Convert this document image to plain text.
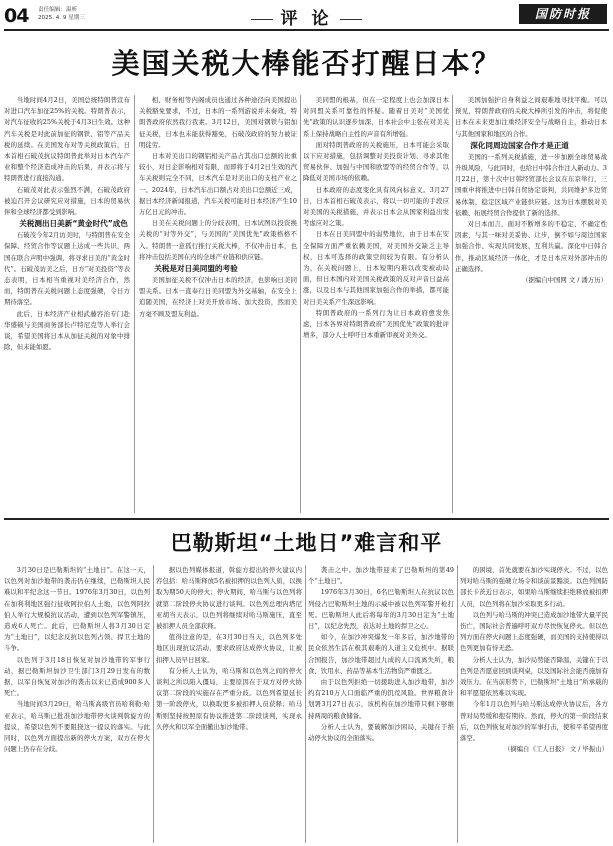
04 责任编辑：温析
2025. 4. 9 星期三	评 论	国防时报
美国关税大棒能否打醒日本？

当地时间4月2日，美国总统特朗普宣布对进口汽车加征25%的关税。特朗普表示，对汽车征收的25%关税于4月3日生效。这种汽车关税是对此前加征的钢铁、铝等产品关税的延续。在美国发布对等关税政策后，日本首相石破茂抗议特朗普此举对日本汽车产业和整个经济造成冲击的后果，并表示将与特朗普进行直接沟通。

石破茂对此表示强烈不满，石破茂政府被迫召开会议研究应对措施，日本的贸易伙伴和全球经济都受到影响。

关税测出日美新“黄金时代”成色

石破茂今年2月访美时，与特朗普在安全保障、经贸合作等议题上达成一些共识，两国在联合声明中强调，将寻求日美的“黄金时代”。石破茂访美之后，日方“对美投资”等表态表明，日本相当重视对美经济合作，然而，特朗普在关税问题上态度强硬，令日方期待落空。

此后，日本经济产业相武藤容治专门赴华盛顿与美国商务部长卢特尼克等人举行会谈，希望美国将日本从加征关税的对象中排除，但未能如愿。

相、财务相等内阁成员也通过各种途径向美国提出关税豁免要求，不过，日本的一系列游说并未奏效，特朗普政府依然我行我素。3月12日，美国对钢铁与铝加征关税，日本也未能获得豁免，石破茂政府的努力被证明徒劳。

日本对美出口的钢铝相关产品占其出口总额的比重较小，对日企影响相对有限，而即将于4月2日生效的汽车关税则完全不同，日本汽车是对美出口的支柱产业之一。2024年，日本汽车出口额占对美出口总额近三成，据日本经济新闻报道，汽车关税可能对日本经济产生10万亿日元的冲击。

日美在关税问题上的分歧表明，日本试图以投资换关税的“对等外交”，与美国的“美国优先”政策格格不入。特朗普一意孤行推行关税大棒，不仅冲击日本，也将冲击包括美国在内的全球产业链和供应链。

关税是对日美同盟的考验

美国加征关税不仅冲击日本的经济，也影响日美同盟关系。日本一直奉行日美同盟为外交基轴，在安全上追随美国，在经济上对美开放市场、加大投资，然而美方毫不顾及盟友利益。

美同盟的根基，但在一定程度上也会加深日本对同盟关系可靠性的怀疑。随着日美对“美国优先”政策的认识逐步加深，日本社会中主张在对美关系上保持战略自主性的声音有所增强。

面对特朗普政府的关税施压，日本可能会采取以下应对措施，包括调整对美投资计划、寻求其他贸易伙伴、加强与中国和欧盟等的经贸合作等，以降低对美国市场的依赖。

日本政府的态度变化具有风向标意义。3月27日，日本首相石破茂表示，将以一切可能的手段应对美国的关税措施，并表示日本会从国家利益出发考虑应对之策。

日本在日美同盟中的弱势地位，由于日本在安全保障方面严重依赖美国，对美国外交缺乏主导权，日本可选择的政策空间较为有限。有分析认为，在关税问题上，日本短期内难以改变被动局面，但日本国内对美国关税政策的反对声音日益高涨，以及日本与其他国家加强合作的举措，都可能对日美关系产生深远影响。

特朗普政府的一系列行为让日本政府愈发焦虑，日本各界对特朗普政府“美国优先”政策的批评增多，部分人士呼吁日本重新审视对美外交。

美国加强护自身利益之间艰难地寻找平衡。可以预见，特朗普政府的关税大棒所引发的冲击，将促使日本在未来更加注重经济安全与战略自主，推动日本与其他国家和地区的合作。

深化同周边国家合作才是正道

美国的一系列关税措施，进一步加剧全球贸易战升级风险，与此同时，也给日中韩合作注入新动力。3月22日，第十次中日韩经贸部长会议在东京举行，三国重申将推进中日韩自贸协定谈判，共同维护多边贸易体制，稳定区域产业链供应链。这为日本摆脱对美依赖、拓展经贸合作提供了新的选择。

对日本而言，面对不断增多的不稳定、不确定性因素，与其一味对美妥协、让步，倒不如与周边国家加强合作、实现共同发展、互利共赢。深化中日韩合作，推动区域经济一体化，才是日本应对外部冲击的正确选择。

（据编自中国网 文 / 潘万历）

巴勒斯坦“土地日”难言和平

3月30日是巴勒斯坦的“土地日”。在这一天，以色列对加沙地带的袭击仍在继续，巴勒斯坦人民难以和平纪念这一节日。1976年3月30日，以色列在加利利地区强行征收阿拉伯人土地，以色列阿拉伯人举行大规模抗议活动，遭到以色列军警镇压，造成6人死亡。此后，巴勒斯坦人将3月30日定为“土地日”，以纪念反抗以色列占领、捍卫土地的斗争。

以色列于3月18日恢复对加沙地带的军事行动，据巴勒斯坦加沙卫生部门3月29日发布的数据，以军自恢复对加沙的袭击以来已造成900多人死亡。

当地时间3月29日，哈马斯高级官员哈利勒·哈亚表示，哈马斯已批准加沙地带停火谈判斡旋方的提议，希望以色列不要阻挠这一提议的落实。与此同时，以色列方面提出新的停火方案，双方在停火问题上仍存在分歧。

据以色列媒体报道，斡旋方提出的停火建议内容包括：哈马斯释放5名被扣押的以色列人质，以换取为期50天的停火；停火期间，哈马斯与以色列将就第二阶段停火协议进行谈判。以色列总理内塔尼亚胡当天表示，以色列将继续对哈马斯施压，直至被扣押人员全部获释。

值得注意的是，在3月30日当天，以色列多处地区出现抗议活动，要求政府达成停火协议，让被扣押人员早日回家。

有分析人士认为，哈马斯和以色列之间的停火谈判之所以陷入僵局，主要原因在于双方对停火协议第二阶段的实施存在严重分歧。以色列希望延长第一阶段停火，以换取更多被扣押人员获释；哈马斯则坚持按照原有协议推进第二阶段谈判，实现永久停火和以军全面撤出加沙地带。

袭击之中。加沙地带迎来了巴勒斯坦的第49个“土地日”。

1976年3月30日，6名巴勒斯坦人在抗议以色列侵占巴勒斯坦土地的示威中被以色列军警开枪打死。巴勒斯坦人此后将每年的3月30日定为“土地日”，以纪念先烈，表达对土地的捍卫之心。

如今，在加沙冲突爆发一年多后，加沙地带的民众依然生活在极其艰难的人道主义危机中。据联合国报告，加沙地带超过九成的人口流离失所，粮食、饮用水、药品等基本生活物资严重匮乏。

由于以色列拒绝一切援助进入加沙地带，加沙约有210万人口面临严重的饥荒风险。世界粮食计划署3月27日表示，该机构在加沙地带只剩下够维持两周的粮食储备。

分析人士认为，要破解加沙困局，关键在于推动停火协议的全面落实。

的困境，首先就要在加沙实现停火。不过，以色列对哈马斯的强硬立场令和谈前景黯淡。以色列国防部长卡茨近日表示，如果哈马斯继续拒绝释放被扣押人员，以色列将在加沙采取更多行动。

以色列与哈马斯的冲突已造成加沙地带大量平民伤亡，国际社会普遍呼吁双方尽快恢复停火。但以色列方面在停火问题上态度强硬，而美国的支持使得以色列更加有恃无恐。

分析人士认为，加沙局势能否降温，关键在于以色列是否愿意回到谈判桌，以及国际社会能否施加有效压力。在当前形势下，巴勒斯坦“土地日”所承载的和平愿望依然难以实现。

今年1月以色列与哈马斯达成停火协议后，各方曾对局势缓和抱有期待。然而，停火的第一阶段结束后，以色列恢复对加沙的军事打击，使和平希望再度落空。

（摘编自《工人日报》 文 / 毕振山）
